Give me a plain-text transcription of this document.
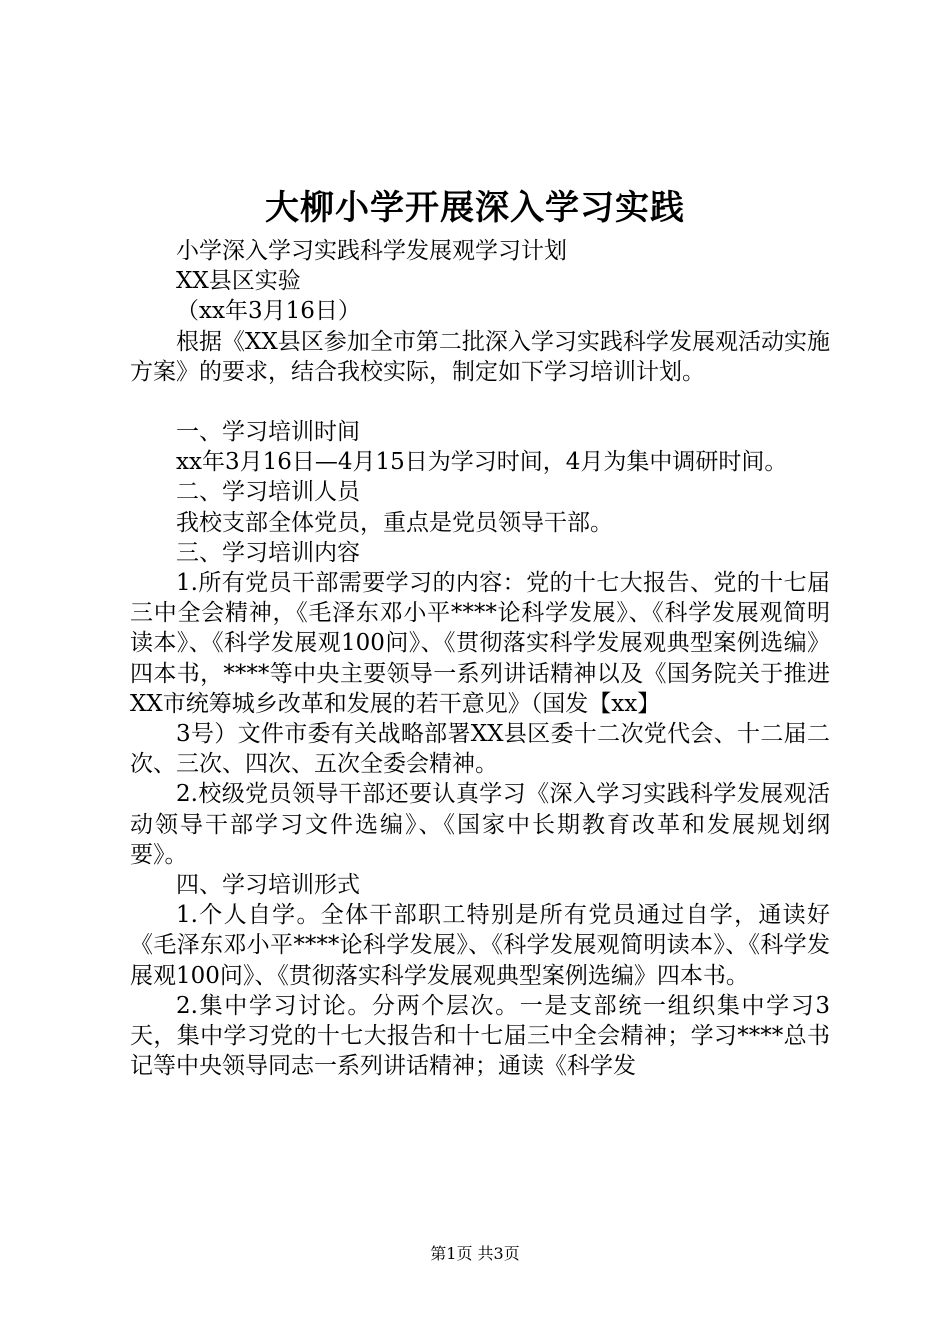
大柳小学开展深入学习实践

小学深入学习实践科学发展观学习计划

XX县区实验

（xx年3月16日）

根据《XX县区参加全市第二批深入学习实践科学发展观活动实施方案》的要求，结合我校实际，制定如下学习培训计划。

一、学习培训时间

xx年3月16日—4月15日为学习时间，4月为集中调研时间。

二、学习培训人员

我校支部全体党员，重点是党员领导干部。

三、学习培训内容

1.所有党员干部需要学习的内容：党的十七大报告、党的十七届三中全会精神，《毛泽东邓小平****论科学发展》、《科学发展观简明读本》、《科学发展观100问》、《贯彻落实科学发展观典型案例选编》四本书，****等中央主要领导一系列讲话精神以及《国务院关于推进XX市统筹城乡改革和发展的若干意见》（国发【xx】

3号）文件市委有关战略部署XX县区委十二次党代会、十二届二次、三次、四次、五次全委会精神。

2.校级党员领导干部还要认真学习《深入学习实践科学发展观活动领导干部学习文件选编》、《国家中长期教育改革和发展规划纲要》。

四、学习培训形式

1.个人自学。全体干部职工特别是所有党员通过自学，通读好《毛泽东邓小平****论科学发展》、《科学发展观简明读本》、《科学发展观100问》、《贯彻落实科学发展观典型案例选编》四本书。

2.集中学习讨论。分两个层次。一是支部统一组织集中学习3天，集中学习党的十七大报告和十七届三中全会精神；学习****总书记等中央领导同志一系列讲话精神；通读《科学发

第1页 共3页
